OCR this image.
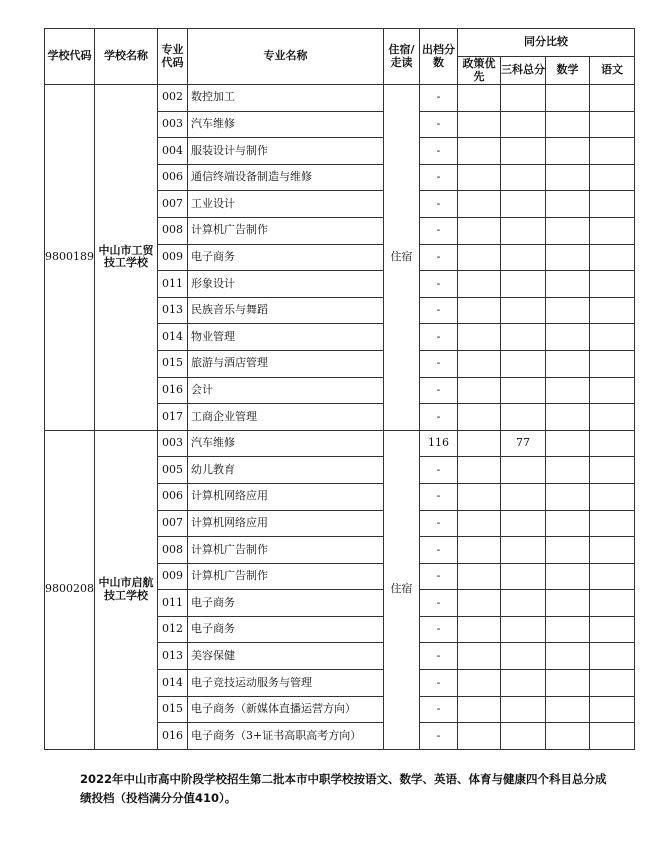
学校代码	学校名称	专业代码	专业名称	住宿/走读	出档分数	同分比较			
						政策优先	三科总分	数学	语文
9800189	中山市工贸技工学校	002	数控加工	住宿	-				
		003	汽车维修		-				
		004	服装设计与制作		-				
		006	通信终端设备制造与维修		-				
		007	工业设计		-				
		008	计算机广告制作		-				
		009	电子商务		-				
		011	形象设计		-				
		013	民族音乐与舞蹈		-				
		014	物业管理		-				
		015	旅游与酒店管理		-				
		016	会计		-				
		017	工商企业管理		-				
9800208	中山市启航技工学校	003	汽车维修	住宿	116		77		
		005	幼儿教育		-				
		006	计算机网络应用		-				
		007	计算机网络应用		-				
		008	计算机广告制作		-				
		009	计算机广告制作		-				
		011	电子商务		-				
		012	电子商务		-				
		013	美容保健		-				
		014	电子竞技运动服务与管理		-				
		015	电子商务（新媒体直播运营方向）		-				
		016	电子商务（3+证书高职高考方向）		-				
2022年中山市高中阶段学校招生第二批本市中职学校按语文、数学、英语、体育与健康四个科目总分成绩投档（投档满分分值410）。
